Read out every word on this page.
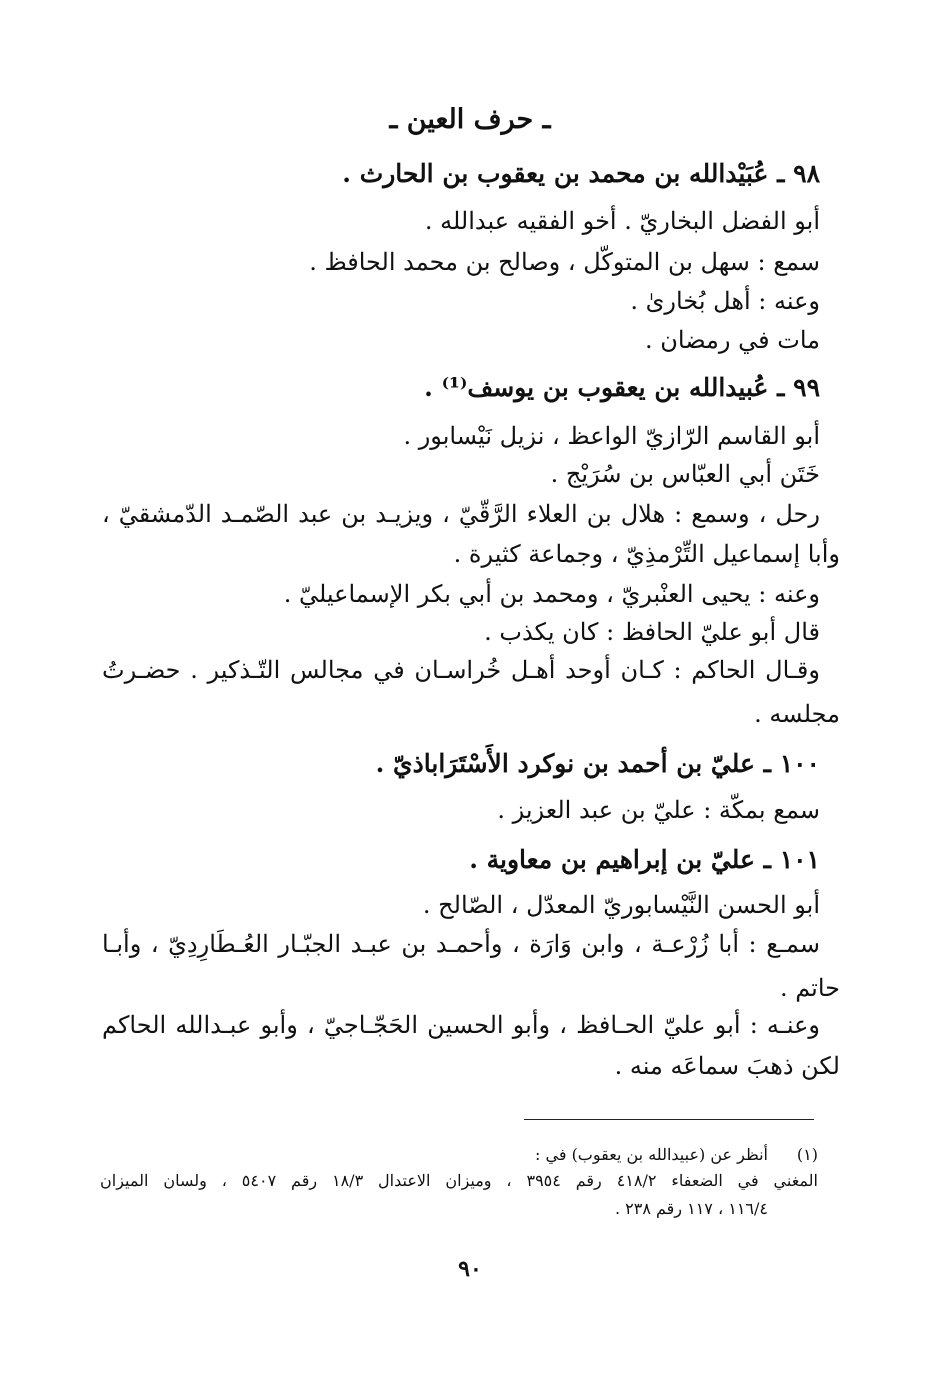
ـ حرف العين ـ
٩٨ ـ عُبَيْدالله بن محمد بن يعقوب بن الحارث .
أبو الفضل البخاريّ . أخو الفقيه عبدالله .
سمع : سهل بن المتوكّل ، وصالح بن محمد الحافظ .
وعنه : أهل بُخارىٰ .
مات في رمضان .
٩٩ ـ عُبيدالله بن يعقوب بن يوسف⁽¹⁾ .
أبو القاسم الرّازيّ الواعظ ، نزيل نَيْسابور .
خَتَن أبي العبّاس بن سُرَيْج .
رحل ، وسمع : هلال بن العلاء الرَّقّيّ ، ويزيـد بن عبد الصّمـد الدّمشقيّ ،
وأبا إسماعيل التِّرْمذِيّ ، وجماعة كثيرة .
وعنه : يحيى العنْبريّ ، ومحمد بن أبي بكر الإسماعيليّ .
قال أبو عليّ الحافظ : كان يكذب .
وقـال الحاكم : كـان أوحد أهـل خُراسـان في مجالس التّـذكير . حضـرتُ
مجلسه .
١٠٠ ـ عليّ بن أحمد بن نوكرد الأَسْتَرَاباذيّ .
سمع بمكّة : عليّ بن عبد العزيز .
١٠١ ـ عليّ بن إبراهيم بن معاوية .
أبو الحسن النَّيْسابوريّ المعدّل ، الصّالح .
سمـع : أبا زُرْعـة ، وابن وَارَة ، وأحمـد بن عبـد الجبّـار العُـطَارِدِيّ ، وأبـا
حاتم .
وعنـه : أبو عليّ الحـافظ ، وأبو الحسين الحَجّـاجيّ ، وأبو عبـدالله الحاكم
لكن ذهبَ سماعَه منه .
(١)
أنظر عن (عبيدالله بن يعقوب) في :
المغني في الضعفاء ٤١٨/٢ رقم ٣٩٥٤ ، وميزان الاعتدال ١٨/٣ رقم ٥٤٠٧ ، ولسان الميزان
١١٦/٤ ، ١١٧ رقم ٢٣٨ .
٩٠
